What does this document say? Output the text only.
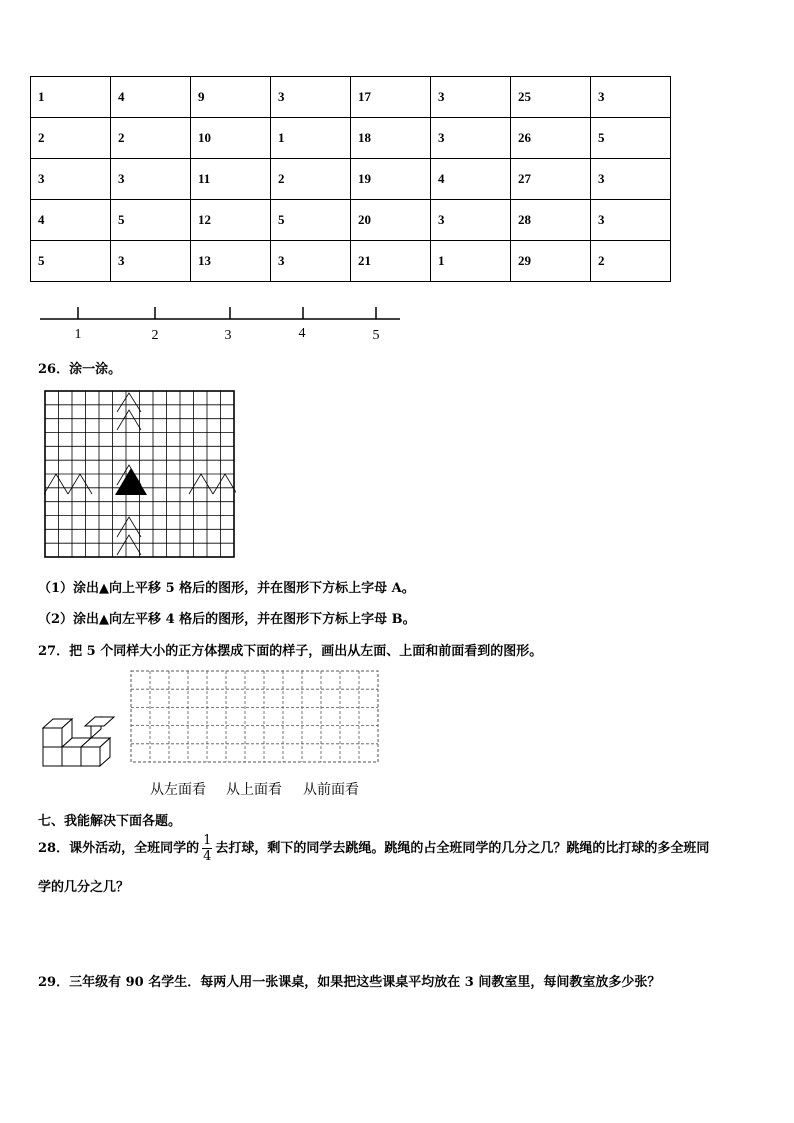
1	4	9	3	17	3	25	3
2	2	10	1	18	3	26	5
3	3	11	2	19	4	27	3
4	5	12	5	20	3	28	3
5	3	13	3	21	1	29	2
1	2	3	4	5
26．涂一涂。
（1）涂出▲向上平移 5 格后的图形，并在图形下方标上字母 A。
（2）涂出▲向左平移 4 格后的图形，并在图形下方标上字母 B。
27．把 5 个同样大小的正方体摆成下面的样子，画出从左面、上面和前面看到的图形。
从左面看 从上面看 从前面看
七、我能解决下面各题。
28．课外活动，全班同学的 $\frac{1}{4}$ 去打球，剩下的同学去跳绳。跳绳的占全班同学的几分之几？跳绳的比打球的多全班同
学的几分之几？
29．三年级有 90 名学生．每两人用一张课桌，如果把这些课桌平均放在 3 间教室里，每间教室放多少张？
